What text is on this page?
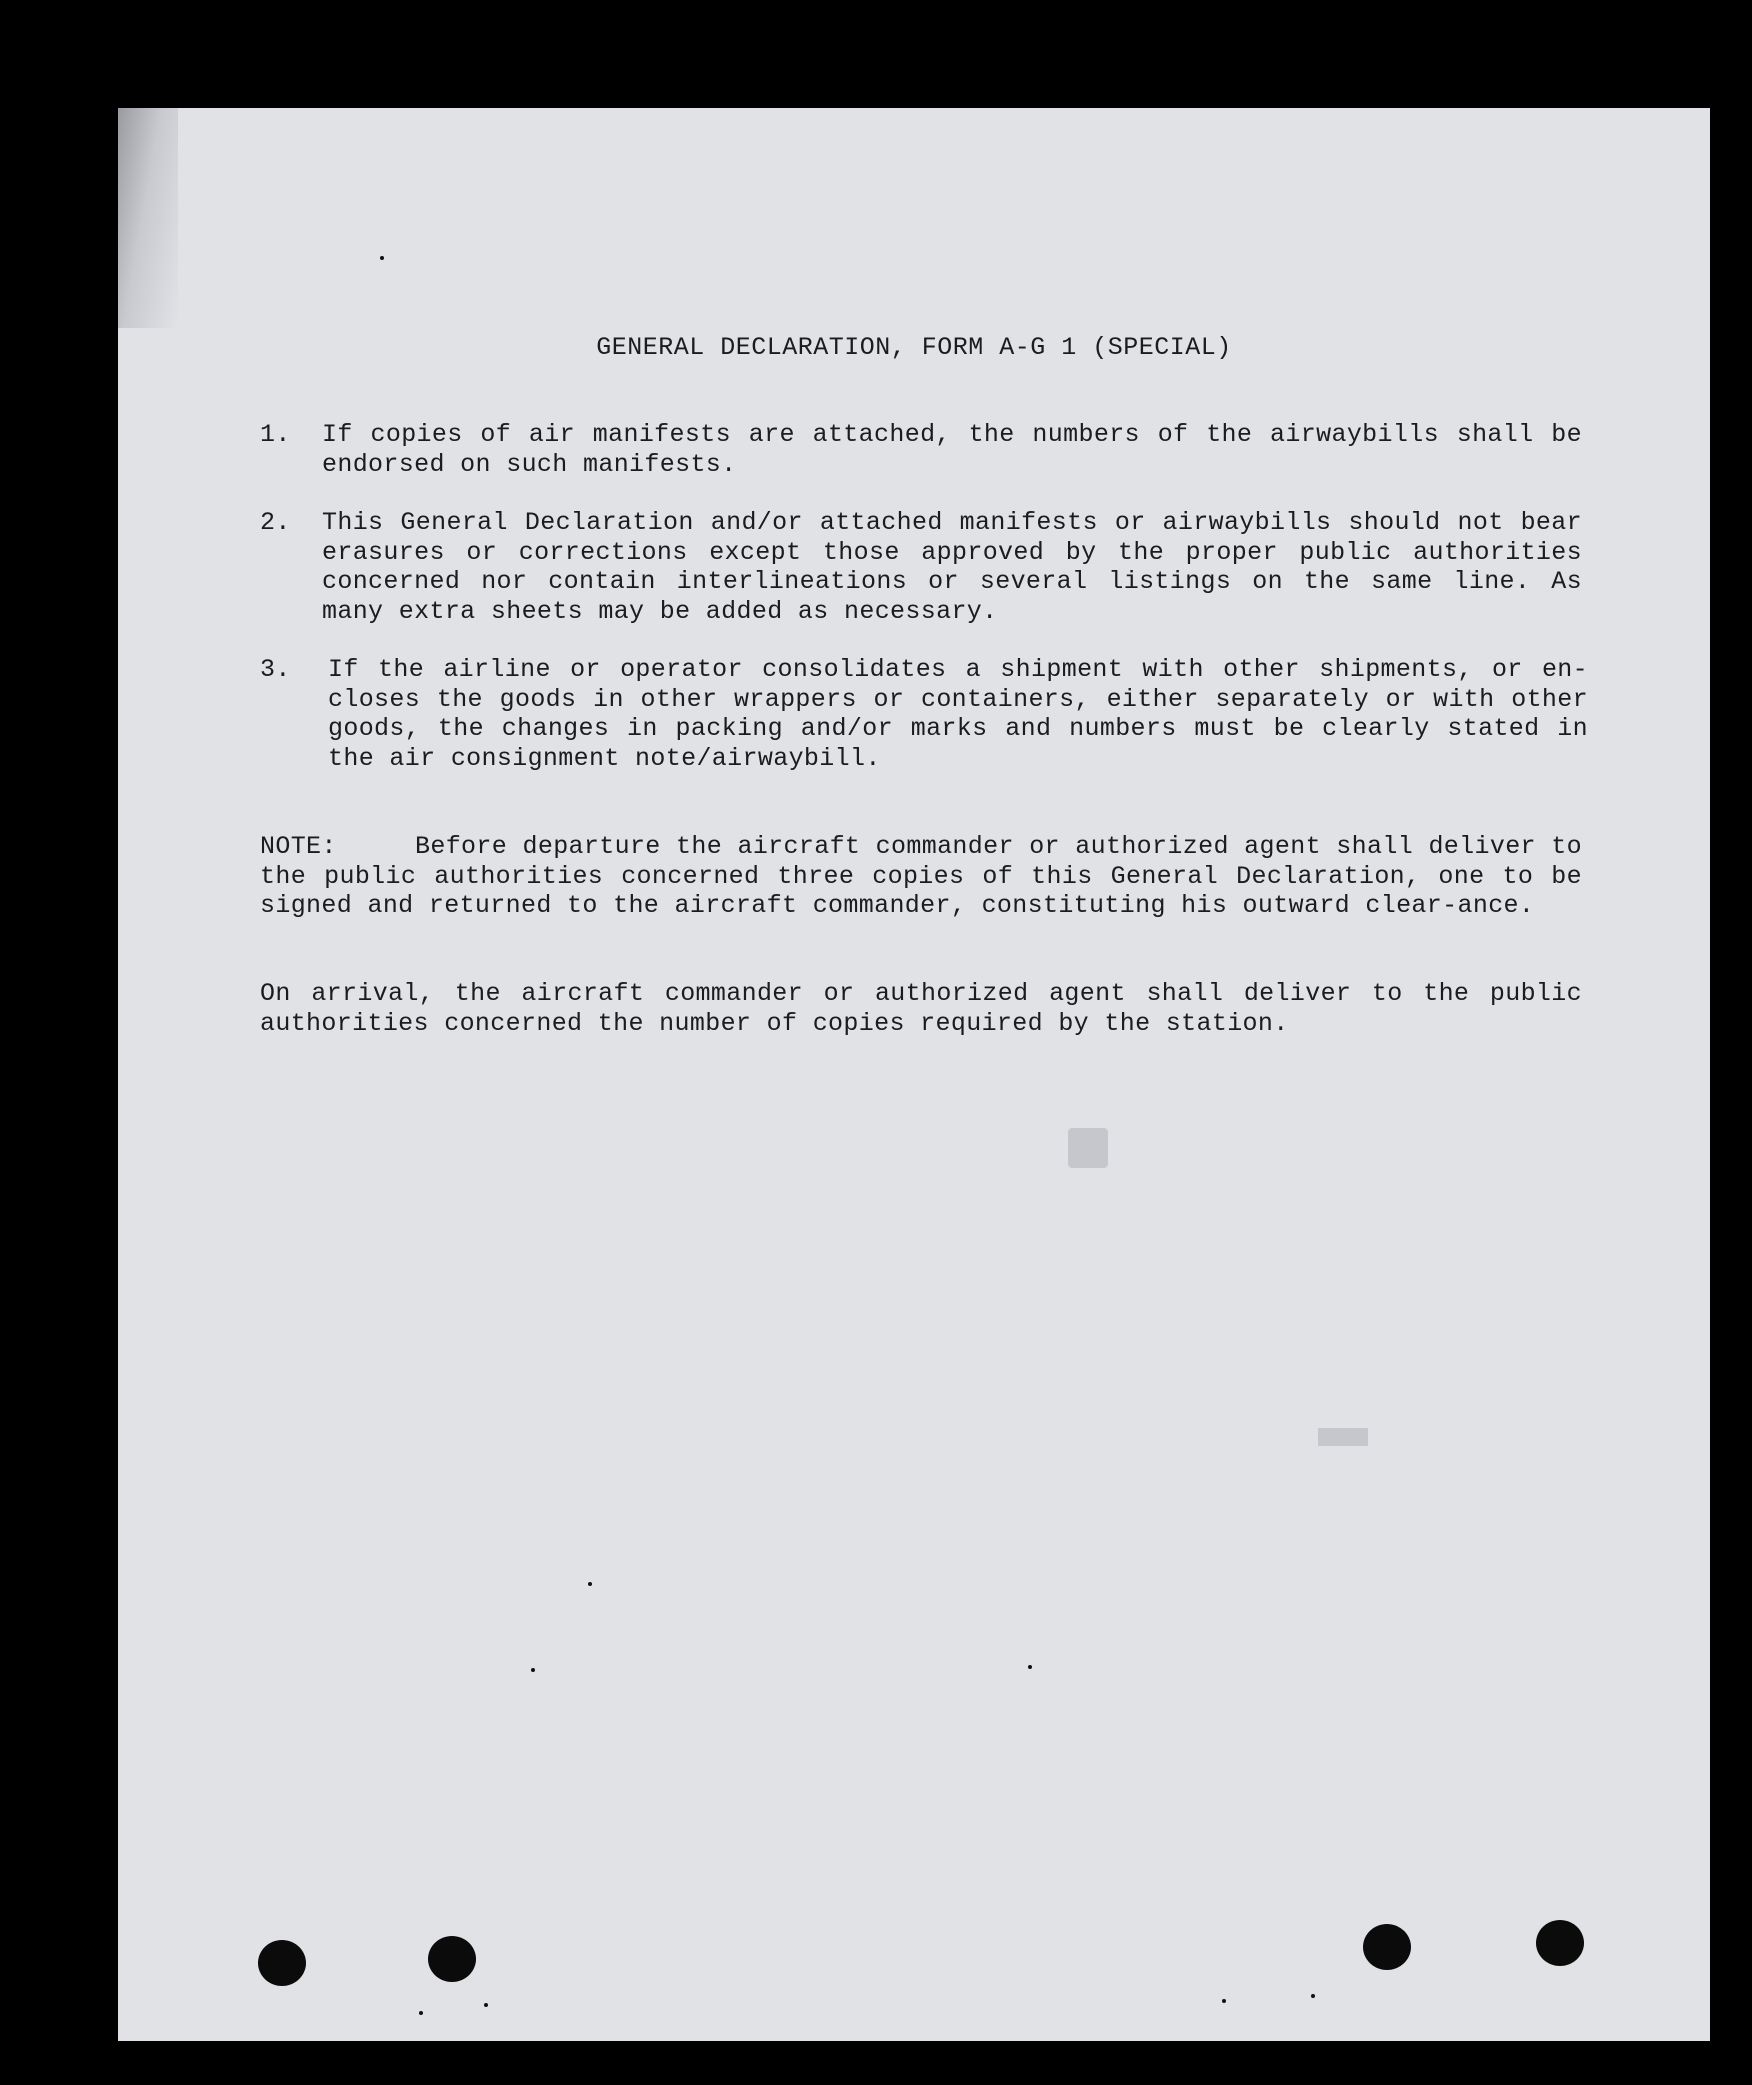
GENERAL DECLARATION, FORM A-G 1 (SPECIAL)
1. If copies of air manifests are attached, the numbers of the airwaybills shall be endorsed on such manifests.
2. This General Declaration and/or attached manifests or airwaybills should not bear erasures or corrections except those approved by the proper public authorities concerned nor contain interlineations or several listings on the same line. As many extra sheets may be added as necessary.
3. If the airline or operator consolidates a shipment with other shipments, or en-closes the goods in other wrappers or containers, either separately or with other goods, the changes in packing and/or marks and numbers must be clearly stated in the air consignment note/airwaybill.
NOTE:	Before departure the aircraft commander or authorized agent shall deliver to the public authorities concerned three copies of this General Declaration, one to be signed and returned to the aircraft commander, constituting his outward clear-ance.
On arrival, the aircraft commander or authorized agent shall deliver to the public authorities concerned the number of copies required by the station.
